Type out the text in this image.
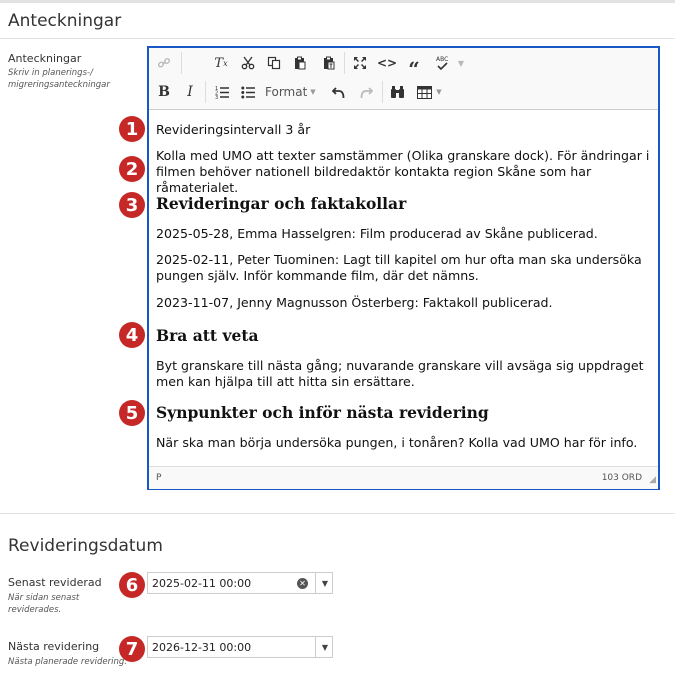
Anteckningar
Anteckningar
Skriv in planerings-/ migreringsanteckningar
T x	<> “	ABC	▼
B	I	1
2
3	Format ▼	▼
Revideringsintervall 3 år
Kolla med UMO att texter samstämmer (Olika granskare dock). För ändringar i filmen behöver nationell bildredaktör kontakta region Skåne som har råmaterialet.
Revideringar och faktakollar
2025-05-28, Emma Hasselgren: Film producerad av Skåne publicerad.
2025-02-11, Peter Tuominen: Lagt till kapitel om hur ofta man ska undersöka pungen själv. Inför kommande film, där det nämns.
2023-11-07, Jenny Magnusson Österberg: Faktakoll publicerad.
Bra att veta
Byt granskare till nästa gång; nuvarande granskare vill avsäga sig uppdraget men kan hjälpa till att hitta sin ersättare.
Synpunkter och inför nästa revidering
När ska man börja undersöka pungen, i tonåren? Kolla vad UMO har för info.
P	103 ORD ◢
1
2
3
4
5
6
7
Revideringsdatum
Senast reviderad
När sidan senast reviderades.
2025-02-11 00:00	✕	▼
Nästa revidering
Nästa planerade revidering.
2026-12-31 00:00	▼
